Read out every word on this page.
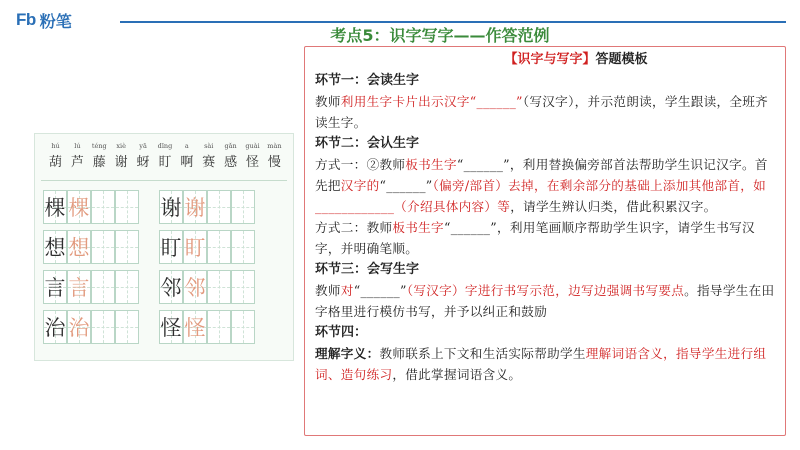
Fb 粉笔
考点5：识字写字——作答范例
hú	lú	téng	xiè	yā	dīng	a	sài	gǎn	guài	màn
葫 芦 藤 谢 蚜 盯 啊 赛 感 怪 慢
棵 棵	谢 谢
想 想	盯 盯
言 言	邻 邻
治 治	怪 怪
【识字与写字】答题模板
环节一：会读生字
教师利用生字卡片出示汉字“______”（写汉字），并示范朗读，学生跟读，全班齐读生字。
环节二：会认生字
方式一：②教师板书生字“______”，利用替换偏旁部首法帮助学生识记汉字。首先把汉字的“______”（偏旁/部首）去掉，在剩余部分的基础上添加其他部首，如 ____________（介绍具体内容）等，请学生辨认归类，借此积累汉字。
方式二：教师板书生字“______”，利用笔画顺序帮助学生识字，请学生书写汉字，并明确笔顺。
环节三：会写生字
教师对“______”（写汉字）字进行书写示范，边写边强调书写要点。指导学生在田字格里进行模仿书写，并予以纠正和鼓励
环节四：
理解字义：教师联系上下文和生活实际帮助学生理解词语含义，指导学生进行组词、造句练习，借此掌握词语含义。
